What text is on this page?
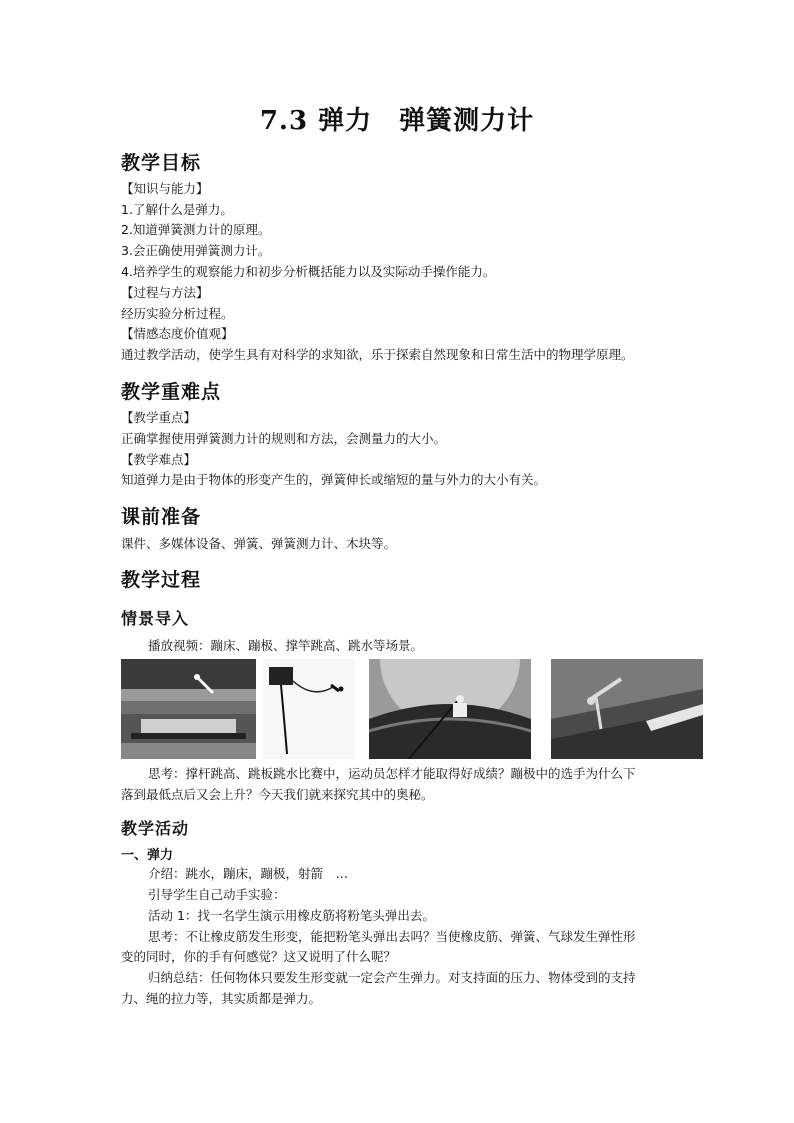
7.3 弹力　弹簧测力计
教学目标
【知识与能力】
1.了解什么是弹力。
2.知道弹簧测力计的原理。
3.会正确使用弹簧测力计。
4.培养学生的观察能力和初步分析概括能力以及实际动手操作能力。
【过程与方法】
经历实验分析过程。
【情感态度价值观】
通过教学活动，使学生具有对科学的求知欲，乐于探索自然现象和日常生活中的物理学原理。
教学重难点
【教学重点】
正确掌握使用弹簧测力计的规则和方法，会测量力的大小。
【教学难点】
知道弹力是由于物体的形变产生的，弹簧伸长或缩短的量与外力的大小有关。
课前准备
课件、多媒体设备、弹簧、弹簧测力计、木块等。
教学过程
情景导入
播放视频：蹦床、蹦极、撑竿跳高、跳水等场景。
思考：撑杆跳高、跳板跳水比赛中，运动员怎样才能取得好成绩？蹦极中的选手为什么下
落到最低点后又会上升？今天我们就来探究其中的奥秘。
教学活动
一、弹力
介绍：跳水，蹦床，蹦极，射箭　…
引导学生自己动手实验：
活动 1：找一名学生演示用橡皮筋将粉笔头弹出去。
思考：不让橡皮筋发生形变，能把粉笔头弹出去吗？当使橡皮筋、弹簧、气球发生弹性形
变的同时，你的手有何感觉？这又说明了什么呢？
归纳总结：任何物体只要发生形变就一定会产生弹力。对支持面的压力、物体受到的支持
力、绳的拉力等，其实质都是弹力。
